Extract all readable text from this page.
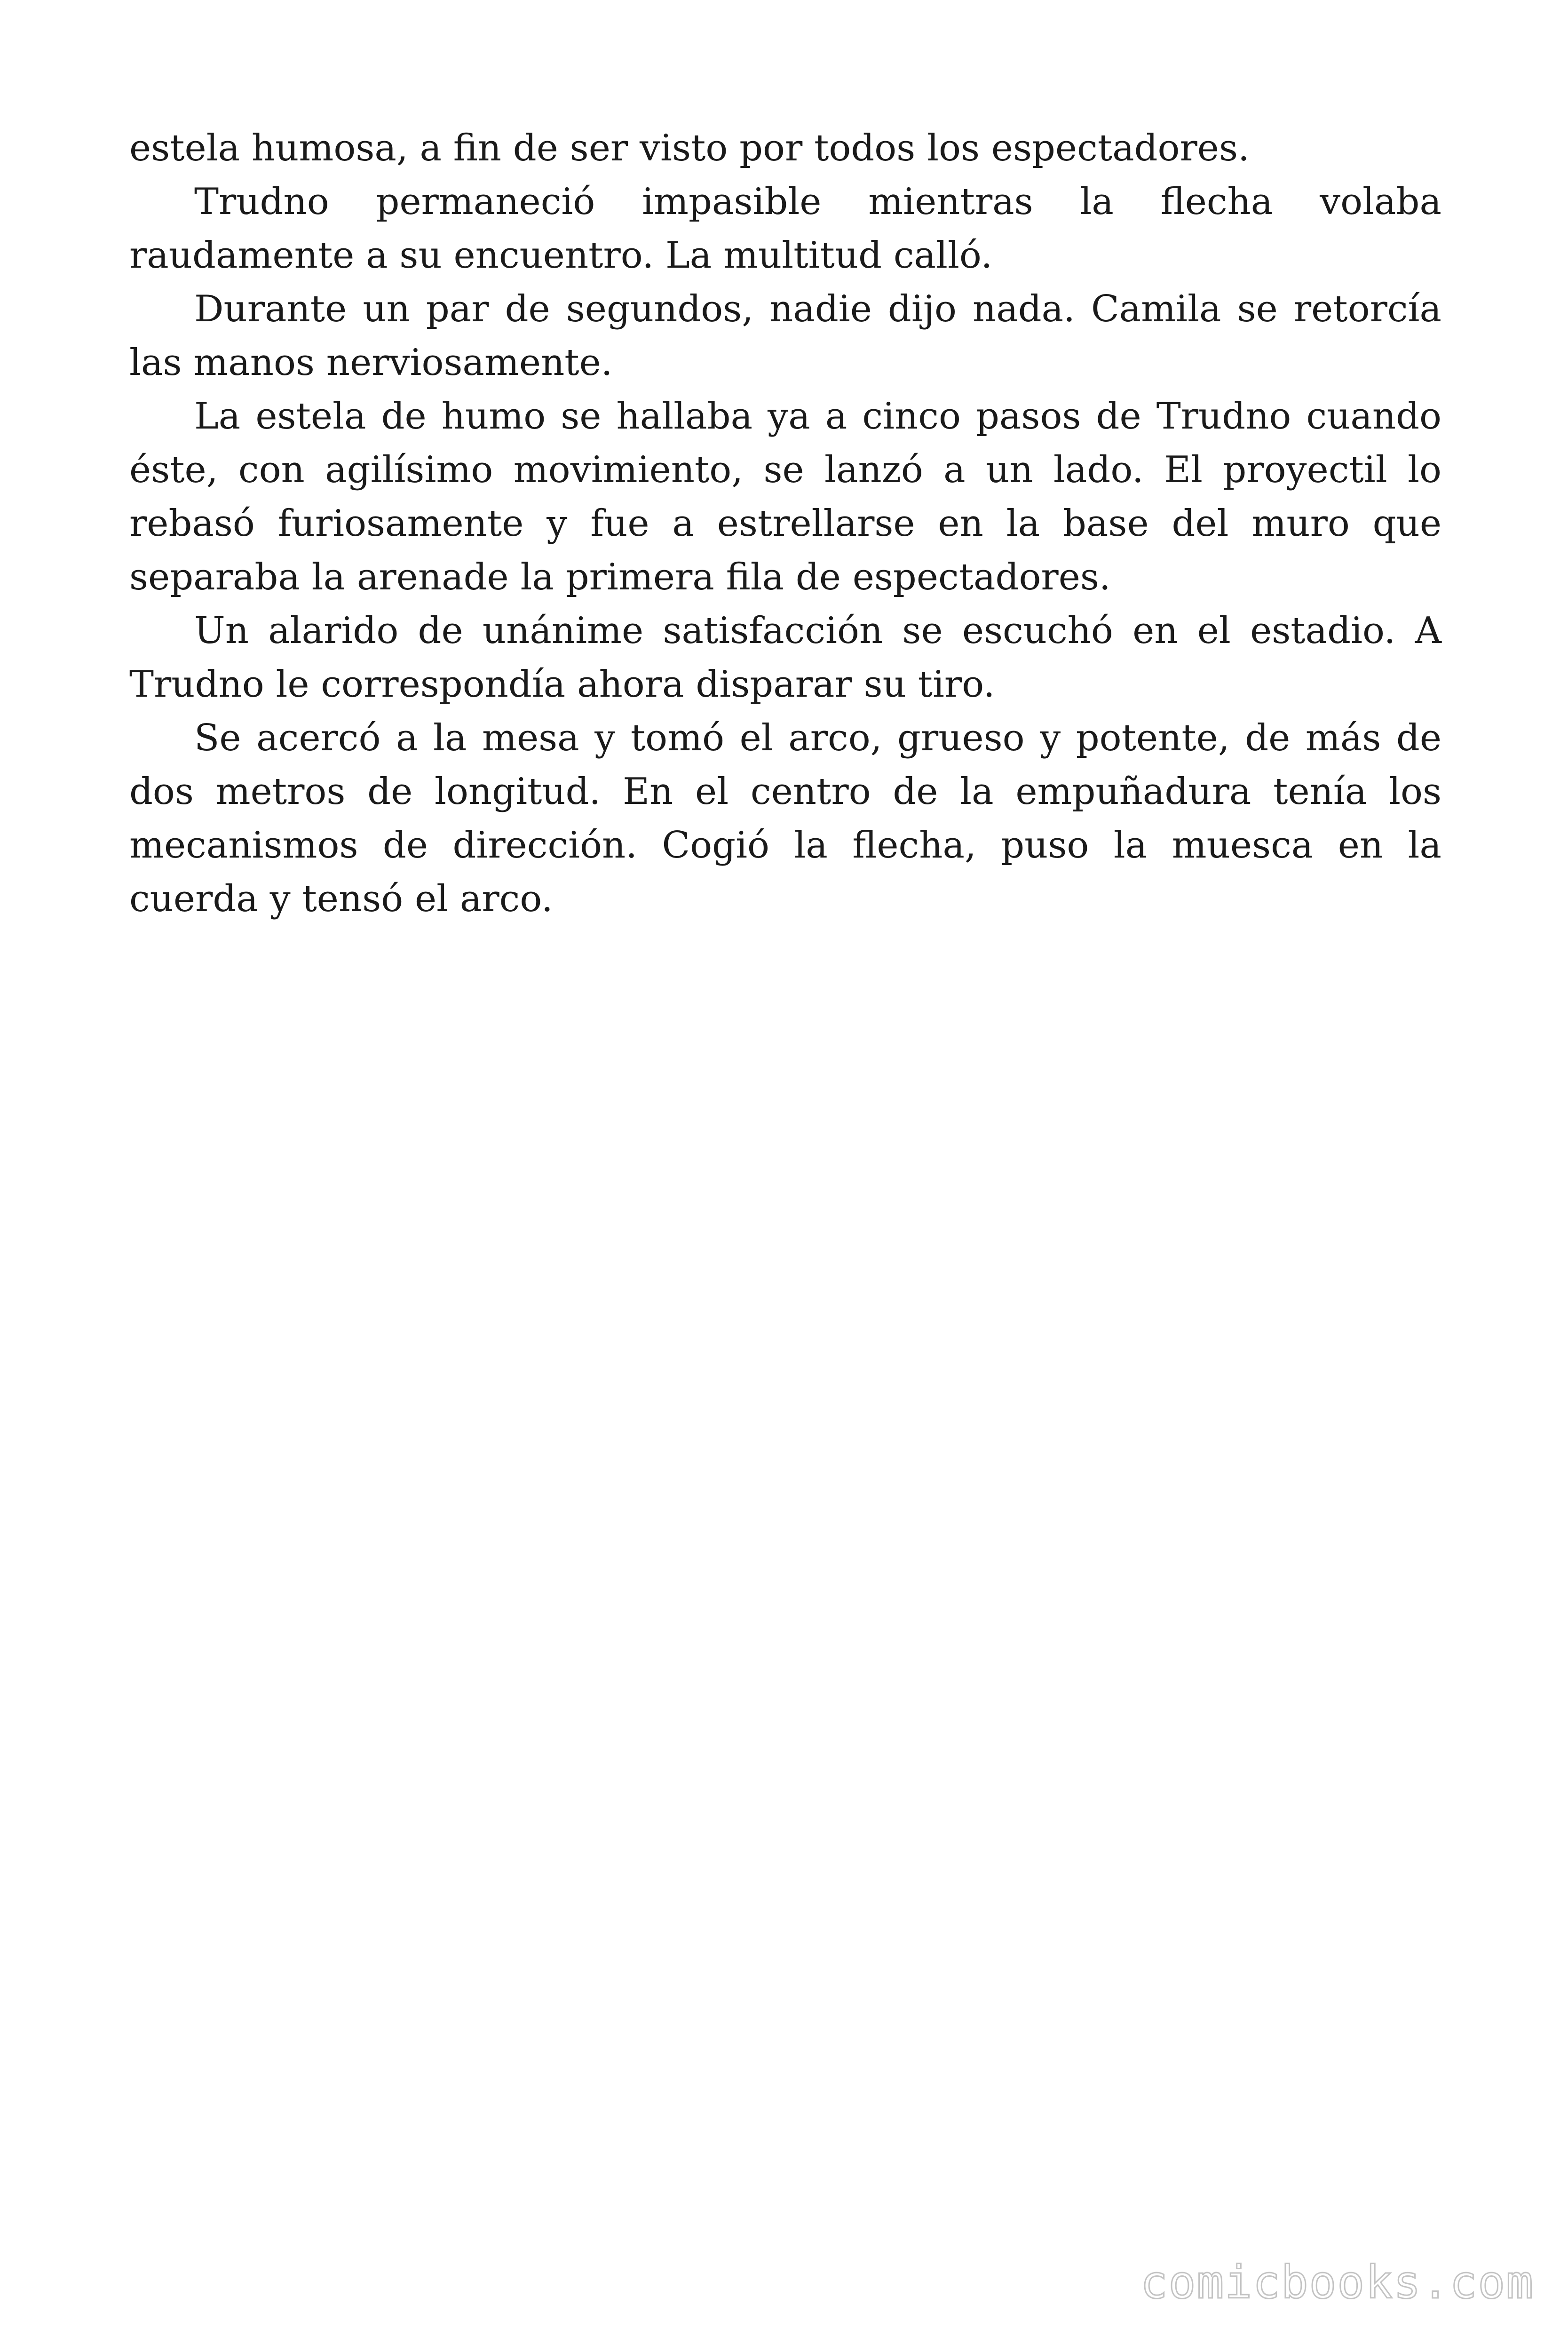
estela humosa, a fin de ser visto por todos los espectadores.

Trudno permaneció impasible mientras la flecha volaba raudamente a su encuentro. La multitud calló.

Durante un par de segundos, nadie dijo nada. Camila se retorcía las manos nerviosamente.

La estela de humo se hallaba ya a cinco pasos de Trudno cuando éste, con agilísimo movimiento, se lanzó a un lado. El proyectil lo rebasó furiosamente y fue a estrellarse en la base del muro que separaba la arenade la primera fila de espectadores.

Un alarido de unánime satisfacción se escuchó en el estadio. A Trudno le correspondía ahora disparar su tiro.

Se acercó a la mesa y tomó el arco, grueso y potente, de más de dos metros de longitud. En el centro de la empuñadura tenía los mecanismos de dirección. Cogió la flecha, puso la muesca en la cuerda y tensó el arco.

comicbooks.com
